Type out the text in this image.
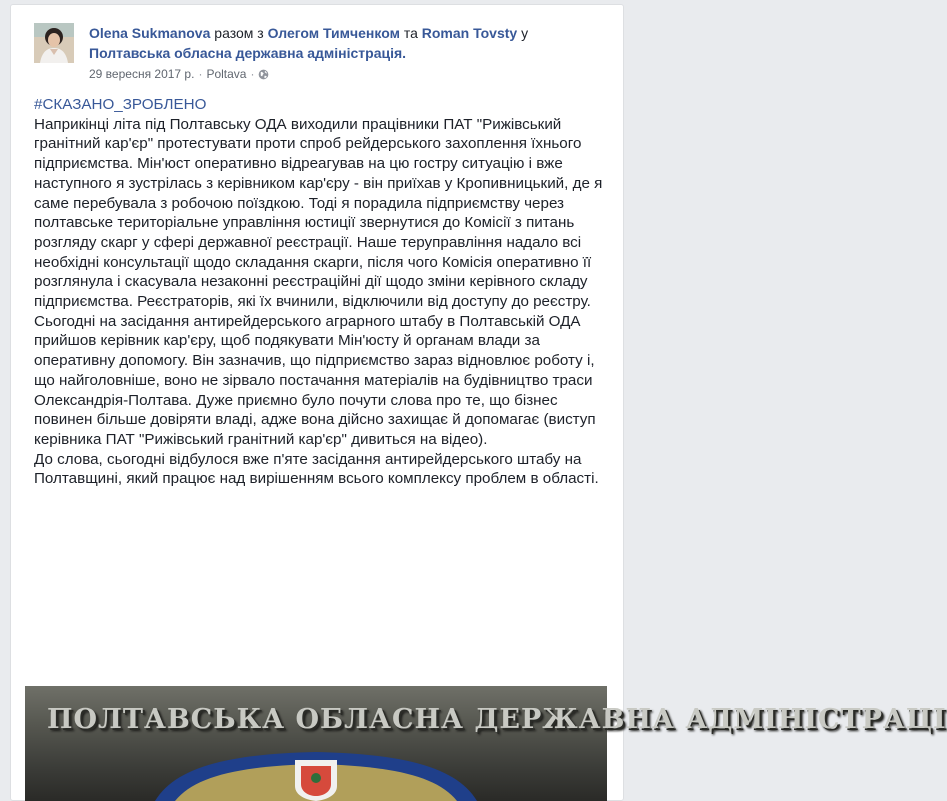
Olena Sukmanova разом з Олегом Тимченком та Roman Tovsty у Полтавська обласна державна адміністрація.
29 вересня 2017 р. · Poltava ·
#СКАЗАНО_ЗРОБЛЕНО
Наприкінці літа під Полтавську ОДА виходили працівники ПАТ "Рижівський гранітний кар'єр" протестувати проти спроб рейдерського захоплення їхнього підприємства. Мін'юст оперативно відреагував на цю гостру ситуацію і вже наступного я зустрілась з керівником кар'єру - він приїхав у Кропивницький, де я саме перебувала з робочою поїздкою. Тоді я порадила підприємству через полтавське територіальне управління юстиції звернутися до Комісії з питань розгляду скарг у сфері державної реєстрації. Наше теруправління надало всі необхідні консультації щодо складання скарги, після чого Комісія оперативно її розглянула і скасувала незаконні реєстраційні дії щодо зміни керівного складу підприємства. Реєстраторів, які їх вчинили, відключили від доступу до реєстру.
Сьогодні на засідання антирейдерського аграрного штабу в Полтавській ОДА прийшов керівник кар'єру, щоб подякувати Мін'юсту й органам влади за оперативну допомогу. Він зазначив, що підприємство зараз відновлює роботу і, що найголовніше, воно не зірвало постачання матеріалів на будівництво траси Олександрія-Полтава. Дуже приємно було почути слова про те, що бізнес повинен більше довіряти владі, адже вона дійсно захищає й допомагає (виступ керівника ПАТ "Рижівський гранітний кар'єр" дивиться на відео).
До слова, сьогодні відбулося вже п'яте засідання антирейдерського штабу на Полтавщині, який працює над вирішенням всього комплексу проблем в області.
ПОЛТАВСЬКА ОБЛАСНА ДЕРЖАВНА АДМІНІСТРАЦІ
